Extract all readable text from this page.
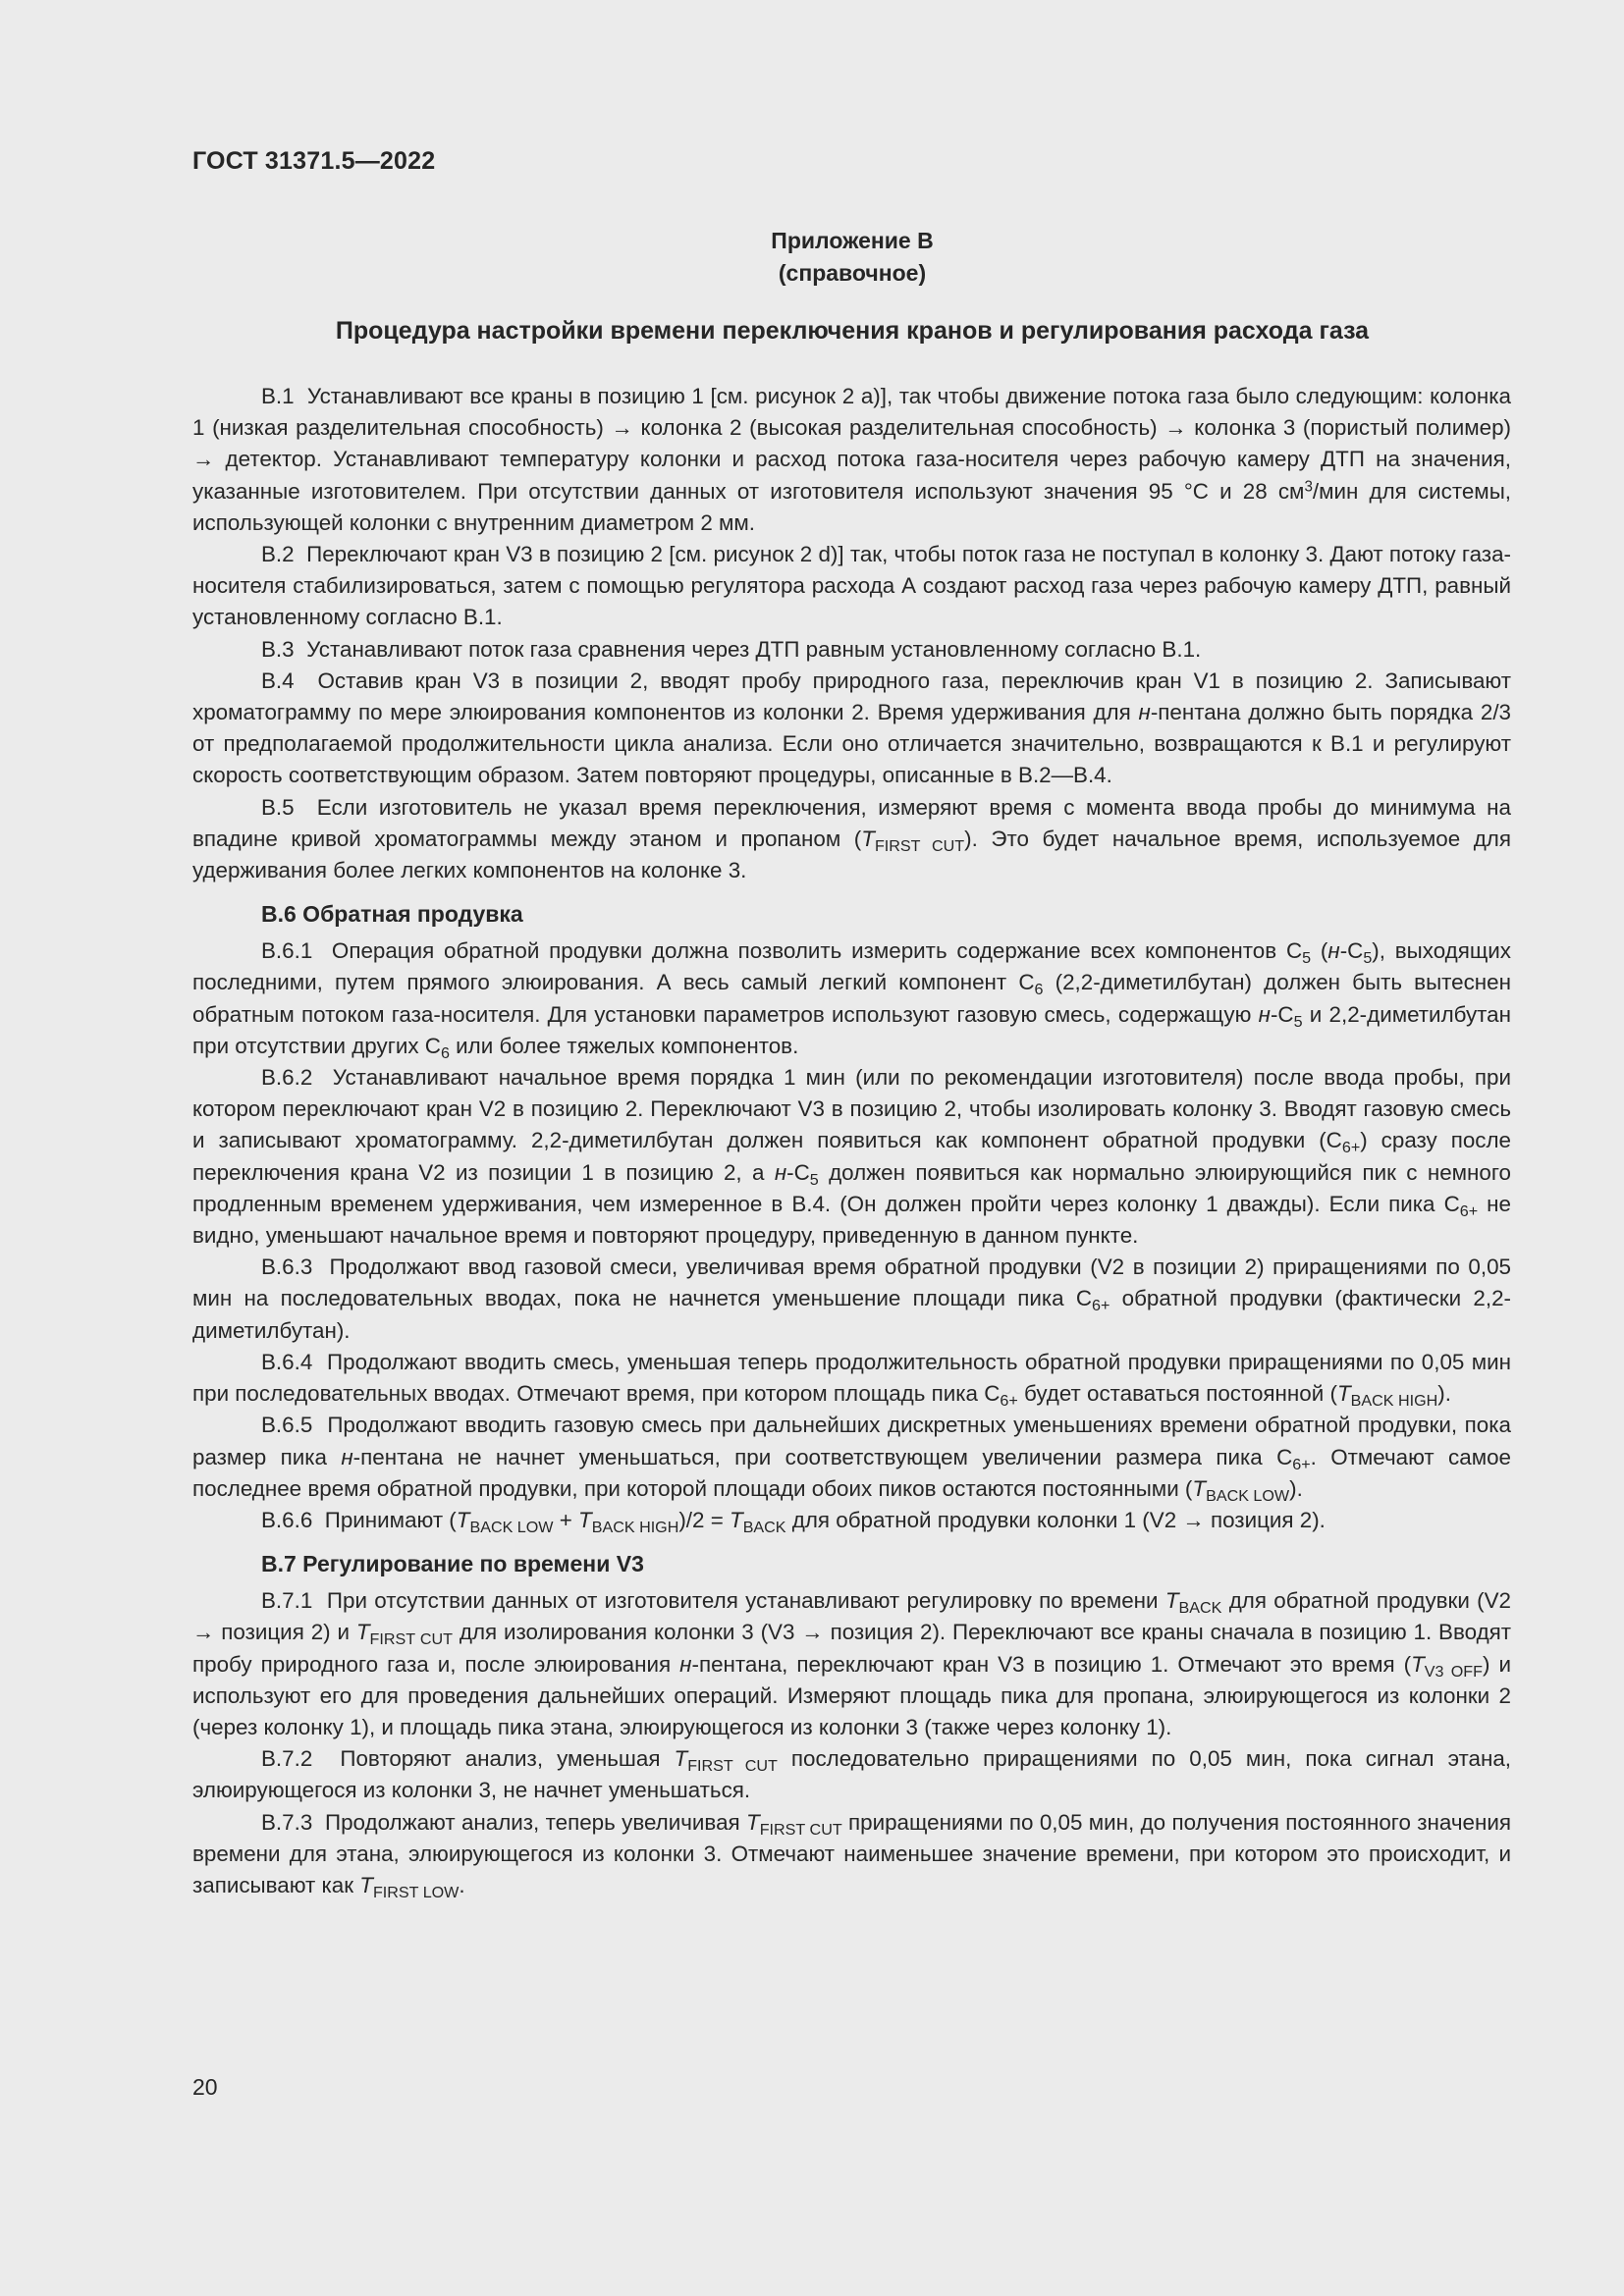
ГОСТ 31371.5—2022
Приложение В
(справочное)
Процедура настройки времени переключения кранов и регулирования расхода газа

В.1 Устанавливают все краны в позицию 1 [см. рисунок 2 а)], так чтобы движение потока газа было следующим: колонка 1 (низкая разделительная способность) → колонка 2 (высокая разделительная способность) → колонка 3 (пористый полимер) → детектор. Устанавливают температуру колонки и расход потока газа-носителя через рабочую камеру ДТП на значения, указанные изготовителем. При отсутствии данных от изготовителя используют значения 95 °С и 28 $см^3$/мин для системы, использующей колонки с внутренним диаметром 2 мм.

В.2 Переключают кран V3 в позицию 2 [см. рисунок 2 d)] так, чтобы поток газа не поступал в колонку 3. Дают потоку газа-носителя стабилизироваться, затем с помощью регулятора расхода А создают расход газа через рабочую камеру ДТП, равный установленному согласно В.1.

В.3 Устанавливают поток газа сравнения через ДТП равным установленному согласно В.1.

В.4 Оставив кран V3 в позиции 2, вводят пробу природного газа, переключив кран V1 в позицию 2. Записывают хроматограмму по мере элюирования компонентов из колонки 2. Время удерживания для н-пентана должно быть порядка 2/3 от предполагаемой продолжительности цикла анализа. Если оно отличается значительно, возвращаются к В.1 и регулируют скорость соответствующим образом. Затем повторяют процедуры, описанные в В.2—В.4.

В.5 Если изготовитель не указал время переключения, измеряют время с момента ввода пробы до минимума на впадине кривой хроматограммы между этаном и пропаном $(T_{FIRST CUT})$. Это будет начальное время, используемое для удерживания более легких компонентов на колонке 3.

В.6 Обратная продувка

В.6.1 Операция обратной продувки должна позволить измерить содержание всех компонентов $С_5$ $(н-С_5)$, выходящих последними, путем прямого элюирования. А весь самый легкий компонент $С_6$ (2,2-диметилбутан) должен быть вытеснен обратным потоком газа-носителя. Для установки параметров используют газовую смесь, содержащую $н-С_5$ и 2,2-диметилбутан при отсутствии других $С_6$ или более тяжелых компонентов.

В.6.2 Устанавливают начальное время порядка 1 мин (или по рекомендации изготовителя) после ввода пробы, при котором переключают кран V2 в позицию 2. Переключают V3 в позицию 2, чтобы изолировать колонку 3. Вводят газовую смесь и записывают хроматограмму. 2,2-диметилбутан должен появиться как компонент обратной продувки $(С_{6+})$ сразу после переключения крана V2 из позиции 1 в позицию 2, а $н-С_5$ должен появиться как нормально элюирующийся пик с немного продленным временем удерживания, чем измеренное в В.4. (Он должен пройти через колонку 1 дважды). Если пика $С_{6+}$ не видно, уменьшают начальное время и повторяют процедуру, приведенную в данном пункте.

В.6.3 Продолжают ввод газовой смеси, увеличивая время обратной продувки (V2 в позиции 2) приращениями по 0,05 мин на последовательных вводах, пока не начнется уменьшение площади пика $С_{6+}$ обратной продувки (фактически 2,2-диметилбутан).

В.6.4 Продолжают вводить смесь, уменьшая теперь продолжительность обратной продувки приращениями по 0,05 мин при последовательных вводах. Отмечают время, при котором площадь пика $С_{6+}$ будет оставаться постоянной $(T_{BACK HIGH})$.

В.6.5 Продолжают вводить газовую смесь при дальнейших дискретных уменьшениях времени обратной продувки, пока размер пика н-пентана не начнет уменьшаться, при соответствующем увеличении размера пика $С_{6+}$. Отмечают самое последнее время обратной продувки, при которой площади обоих пиков остаются постоянными $(T_{BACK LOW})$.

В.6.6 Принимают $(T_{BACK LOW} + T_{BACK HIGH})/2 = T_{BACK}$ для обратной продувки колонки 1 (V2 → позиция 2).

В.7 Регулирование по времени V3

В.7.1 При отсутствии данных от изготовителя устанавливают регулировку по времени $T_{BACK}$ для обратной продувки (V2 → позиция 2) и $T_{FIRST CUT}$ для изолирования колонки 3 (V3 → позиция 2). Переключают все краны сначала в позицию 1. Вводят пробу природного газа и, после элюирования н-пентана, переключают кран V3 в позицию 1. Отмечают это время $(T_{V3 OFF})$ и используют его для проведения дальнейших операций. Измеряют площадь пика для пропана, элюирующегося из колонки 2 (через колонку 1), и площадь пика этана, элюирующегося из колонки 3 (также через колонку 1).

В.7.2 Повторяют анализ, уменьшая $T_{FIRST CUT}$ последовательно приращениями по 0,05 мин, пока сигнал этана, элюирующегося из колонки 3, не начнет уменьшаться.

В.7.3 Продолжают анализ, теперь увеличивая $T_{FIRST CUT}$ приращениями по 0,05 мин, до получения постоянного значения времени для этана, элюирующегося из колонки 3. Отмечают наименьшее значение времени, при котором это происходит, и записывают как $T_{FIRST LOW}$.

20
